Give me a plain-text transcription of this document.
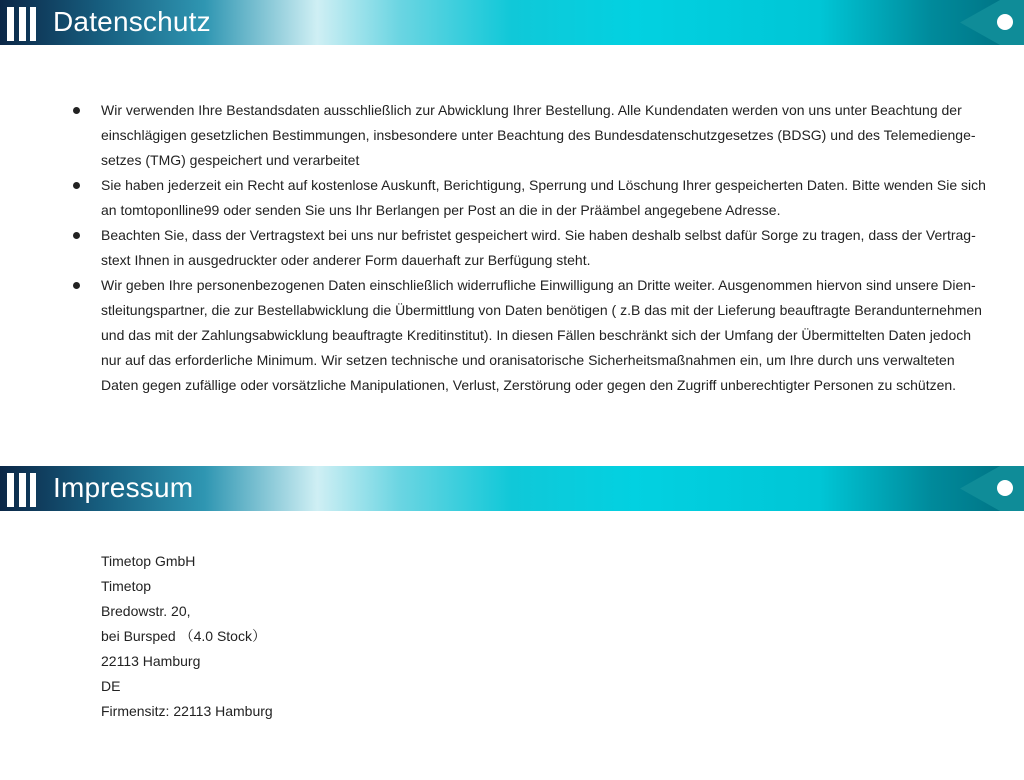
Datenschutz
Wir verwenden Ihre Bestandsdaten ausschließlich zur Abwicklung Ihrer Bestellung. Alle Kundendaten werden von uns unter Beachtung der
einschlägigen gesetzlichen Bestimmungen, insbesondere unter Beachtung des Bundesdatenschutzgesetzes (BDSG) und des Telemedienge-
setzes (TMG) gespeichert und verarbeitet
Sie haben jederzeit ein Recht auf kostenlose Auskunft, Berichtigung, Sperrung und Löschung Ihrer gespeicherten Daten. Bitte wenden Sie sich
an tomtoponlline99 oder senden Sie uns Ihr Berlangen per Post an die in der Präämbel angegebene Adresse.
Beachten Sie, dass der Vertragstext bei uns nur befristet gespeichert wird. Sie haben deshalb selbst dafür Sorge zu tragen, dass der Vertrag-
stext Ihnen in ausgedruckter oder anderer Form dauerhaft zur Berfügung steht.
Wir geben Ihre personenbezogenen Daten einschließlich widerrufliche Einwilligung an Dritte weiter. Ausgenommen hiervon sind unsere Dien-
stleitungspartner, die zur Bestellabwicklung die Übermittlung von Daten benötigen ( z.B das mit der Lieferung beauftragte Berandunternehmen
und das mit der Zahlungsabwicklung beauftragte Kreditinstitut). In diesen Fällen beschränkt sich der Umfang der Übermittelten Daten jedoch
nur auf das erforderliche Minimum. Wir setzen technische und oranisatorische Sicherheitsmaßnahmen ein, um Ihre durch uns verwalteten
Daten gegen zufällige oder vorsätzliche Manipulationen, Verlust, Zerstörung oder gegen den Zugriff unberechtigter Personen zu schützen.
Impressum
Timetop GmbH
Timetop
Bredowstr. 20,
bei Bursped （4.0 Stock）
22113 Hamburg
DE
Firmensitz: 22113 Hamburg
